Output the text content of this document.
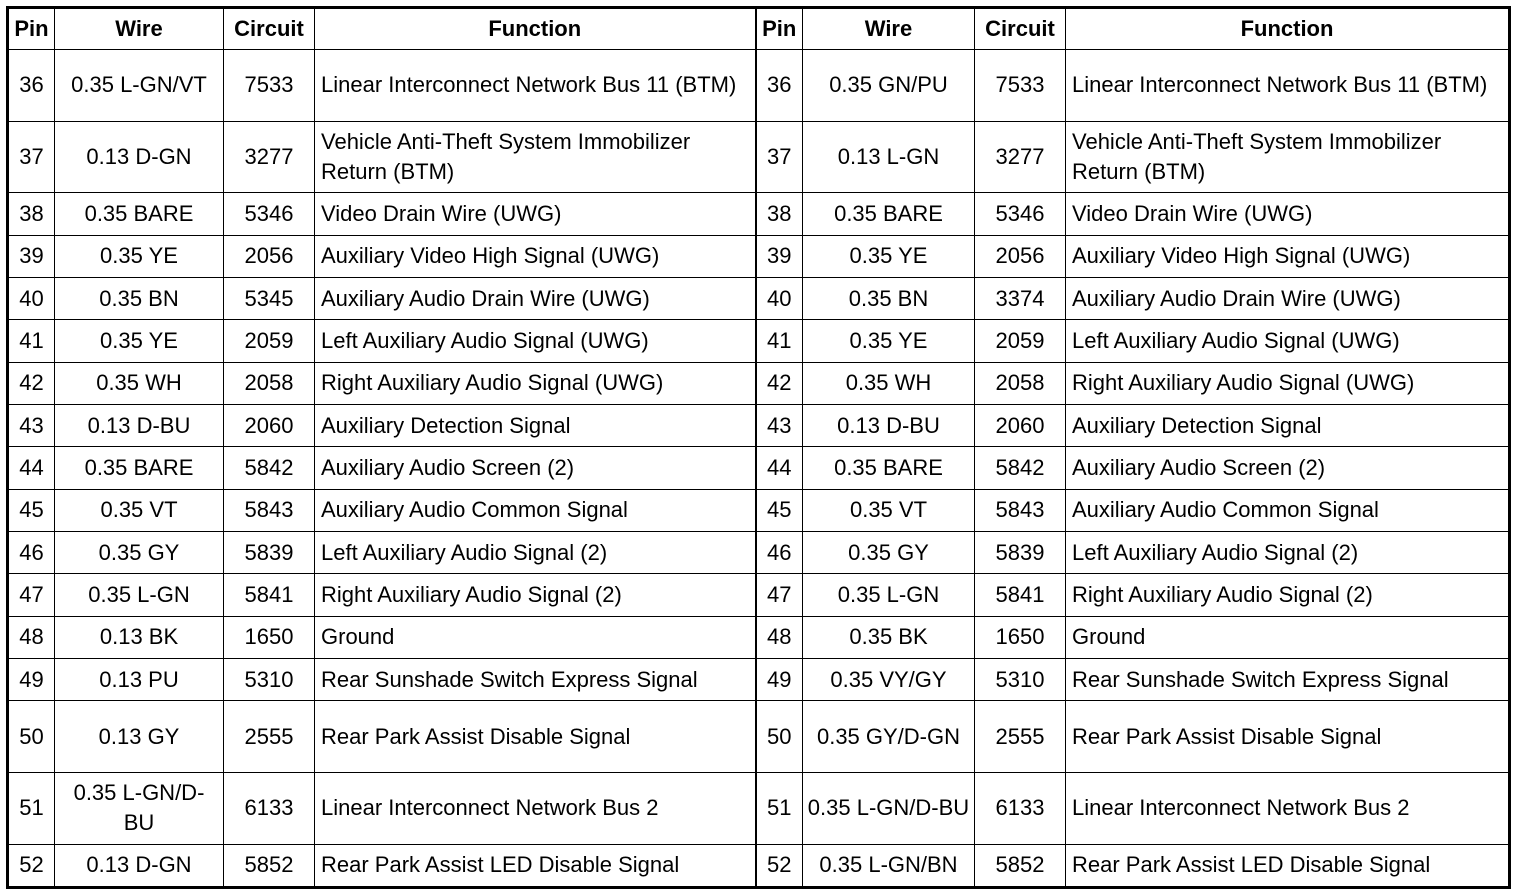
Pin	Wire	Circuit	Function	Pin	Wire	Circuit	Function
36	0.35 L-GN/VT	7533	Linear Interconnect Network Bus 11 (BTM)	36	0.35 GN/PU	7533	Linear Interconnect Network Bus 11 (BTM)
37	0.13 D-GN	3277	Vehicle Anti-Theft System Immobilizer Return (BTM)	37	0.13 L-GN	3277	Vehicle Anti-Theft System Immobilizer Return (BTM)
38	0.35 BARE	5346	Video Drain Wire (UWG)	38	0.35 BARE	5346	Video Drain Wire (UWG)
39	0.35 YE	2056	Auxiliary Video High Signal (UWG)	39	0.35 YE	2056	Auxiliary Video High Signal (UWG)
40	0.35 BN	5345	Auxiliary Audio Drain Wire (UWG)	40	0.35 BN	3374	Auxiliary Audio Drain Wire (UWG)
41	0.35 YE	2059	Left Auxiliary Audio Signal (UWG)	41	0.35 YE	2059	Left Auxiliary Audio Signal (UWG)
42	0.35 WH	2058	Right Auxiliary Audio Signal (UWG)	42	0.35 WH	2058	Right Auxiliary Audio Signal (UWG)
43	0.13 D-BU	2060	Auxiliary Detection Signal	43	0.13 D-BU	2060	Auxiliary Detection Signal
44	0.35 BARE	5842	Auxiliary Audio Screen (2)	44	0.35 BARE	5842	Auxiliary Audio Screen (2)
45	0.35 VT	5843	Auxiliary Audio Common Signal	45	0.35 VT	5843	Auxiliary Audio Common Signal
46	0.35 GY	5839	Left Auxiliary Audio Signal (2)	46	0.35 GY	5839	Left Auxiliary Audio Signal (2)
47	0.35 L-GN	5841	Right Auxiliary Audio Signal (2)	47	0.35 L-GN	5841	Right Auxiliary Audio Signal (2)
48	0.13 BK	1650	Ground	48	0.35 BK	1650	Ground
49	0.13 PU	5310	Rear Sunshade Switch Express Signal	49	0.35 VY/GY	5310	Rear Sunshade Switch Express Signal
50	0.13 GY	2555	Rear Park Assist Disable Signal	50	0.35 GY/D-GN	2555	Rear Park Assist Disable Signal
51	0.35 L-GN/D-BU	6133	Linear Interconnect Network Bus 2	51	0.35 L-GN/D-BU	6133	Linear Interconnect Network Bus 2
52	0.13 D-GN	5852	Rear Park Assist LED Disable Signal	52	0.35 L-GN/BN	5852	Rear Park Assist LED Disable Signal
